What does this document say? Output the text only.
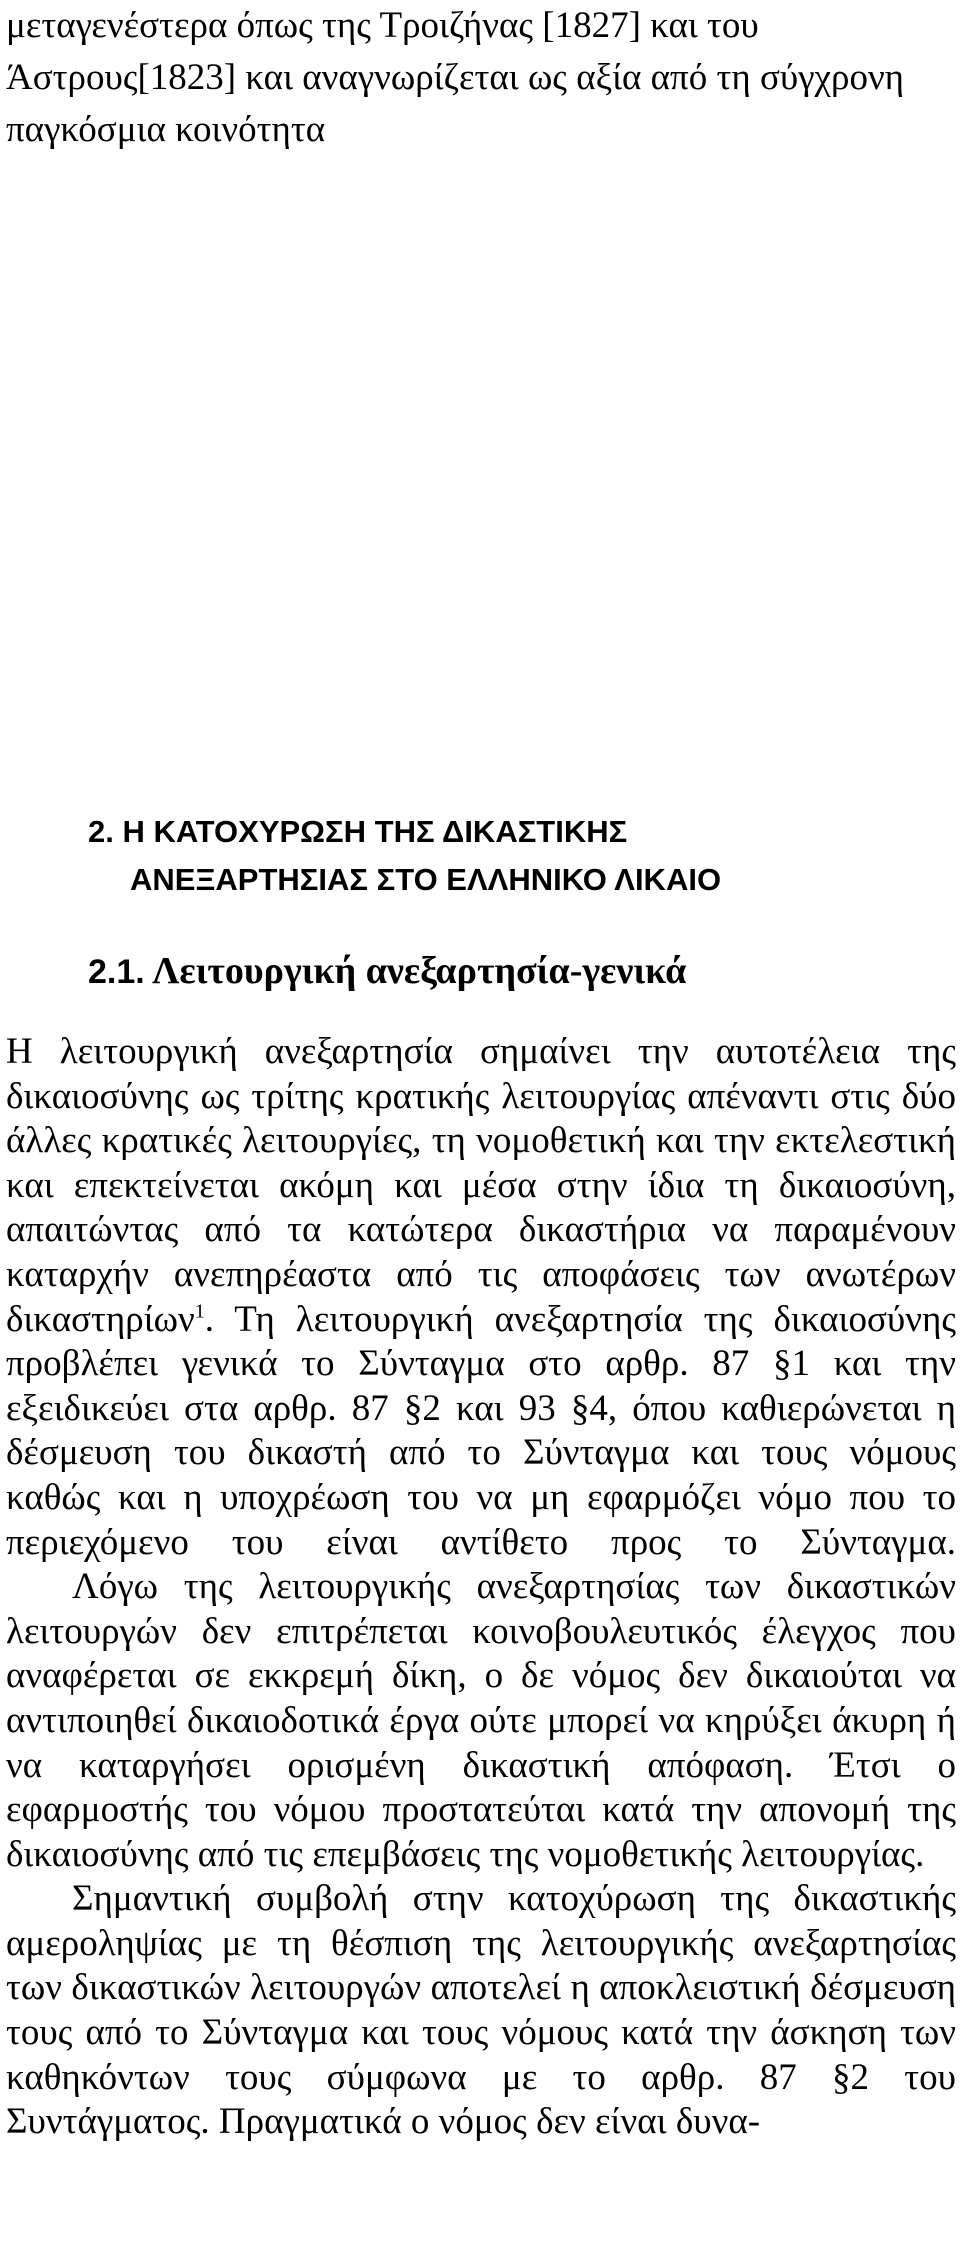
μεταγενέστερα όπως της Τροιζήνας [1827] και του Άστρους[1823] και αναγνωρίζεται ως αξία από τη σύγχρονη παγκόσμια κοινότητα

2. Η ΚΑΤΟΧΥΡΩΣΗ ΤΗΣ ΔΙΚΑΣΤΙΚΗΣ
ΑΝΕΞΑΡΤΗΣΙΑΣ ΣΤΟ ΕΛΛΗΝΙΚΟ ΛΙΚΑΙΟ
2.1. Λειτουργική ανεξαρτησία-γενικά

Η λειτουργική ανεξαρτησία σημαίνει την αυτοτέλεια της δικαιοσύνης ως τρίτης κρατικής λειτουργίας απέναντι στις δύο άλλες κρατικές λειτουργίες, τη νομοθετική και την εκτελεστική και επεκτείνεται ακόμη και μέσα στην ίδια τη δικαιοσύνη, απαιτώντας από τα κατώτερα δικαστήρια να παραμένουν καταρχήν ανεπηρέαστα από τις αποφάσεις των ανωτέρων δικαστηρίων$^1$. Τη λειτουργική ανεξαρτησία της δικαιοσύνης προβλέπει γενικά το Σύνταγμα στο αρθρ. 87 §1 και την εξειδικεύει στα αρθρ. 87 §2 και 93 §4, όπου καθιερώνεται η δέσμευση του δικαστή από το Σύνταγμα και τους νόμους καθώς και η υποχρέωση του να μη εφαρμόζει νόμο που το περιεχόμενο του είναι αντίθετο προς το Σύνταγμα.

Λόγω της λειτουργικής ανεξαρτησίας των δικαστικών λειτουργών δεν επιτρέπεται κοινοβουλευτικός έλεγχος που αναφέρεται σε εκκρεμή δίκη, ο δε νόμος δεν δικαιούται να αντιποιηθεί δικαιοδοτικά έργα ούτε μπορεί να κηρύξει άκυρη ή να καταργήσει ορισμένη δικαστική απόφαση. Έτσι ο εφαρμοστής του νόμου προστατεύται κατά την απονομή της δικαιοσύνης από τις επεμβάσεις της νομοθετικής λειτουργίας.

Σημαντική συμβολή στην κατοχύρωση της δικαστικής αμεροληψίας με τη θέσπιση της λειτουργικής ανεξαρτησίας των δικαστικών λειτουργών αποτελεί η αποκλειστική δέσμευση τους από το Σύνταγμα και τους νόμους κατά την άσκηση των καθηκόντων τους σύμφωνα με το αρθρ. 87 §2 του Συντάγματος. Πραγματικά ο νόμος δεν είναι δυνα-
